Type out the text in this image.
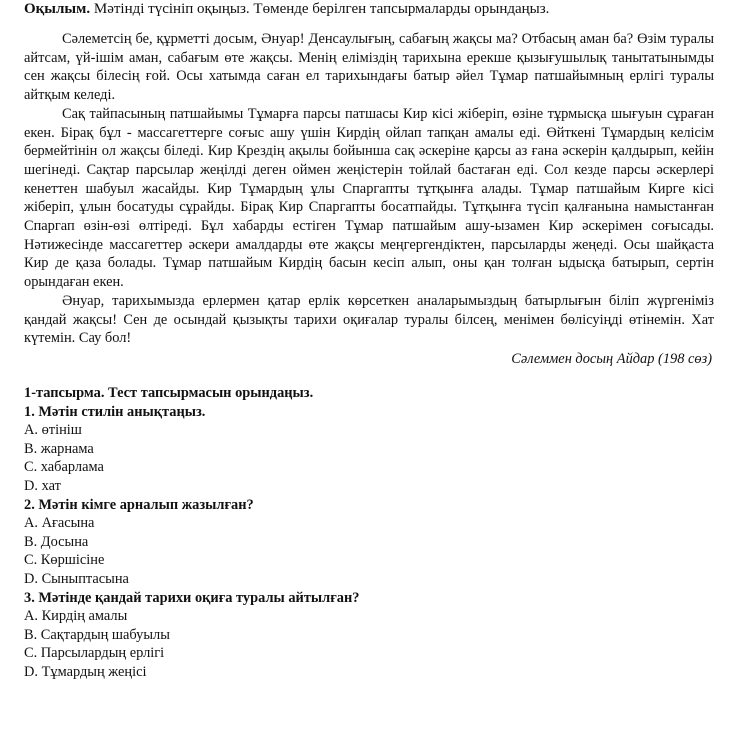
Оқылым. Мәтінді түсініп оқыңыз. Төменде берілген тапсырмаларды орындаңыз.

Сәлеметсің бе, құрметті досым, Әнуар! Денсаулығың, сабағың жақсы ма? Отбасың аман ба? Өзім туралы айтсам, үй-ішім аман, сабағым өте жақсы. Менің еліміздің тарихына ерекше қызығушылық танытатынымды сен жақсы білесің ғой. Осы хатымда саған ел тарихындағы батыр әйел Тұмар патшайымның ерлігі туралы айтқым келеді.

Сақ тайпасының патшайымы Тұмарға парсы патшасы Кир кісі жіберіп, өзіне тұрмысқа шығуын сұраған екен. Бірақ бұл - массагеттерге соғыс ашу үшін Кирдің ойлап тапқан амалы еді. Өйткені Тұмардың келісім бермейтінін ол жақсы біледі. Кир Крездің ақылы бойынша сақ әскеріне қарсы аз ғана әскерін қалдырып, кейін шегінеді. Сақтар парсылар жеңілді деген оймен жеңістерін тойлай бастаған еді. Сол кезде парсы әскерлері кенеттен шабуыл жасайды. Кир Тұмардың ұлы Спаргапты тұтқынға алады. Тұмар патшайым Кирге кісі жіберіп, ұлын босатуды сұрайды. Бірақ Кир Спаргапты босатпайды. Тұтқынға түсіп қалғанына намыстанған Спаргап өзін-өзі өлтіреді. Бұл хабарды естіген Тұмар патшайым ашу-ызамен Кир әскерімен соғысады. Нәтижесінде массагеттер әскери амалдарды өте жақсы меңгергендіктен, парсыларды жеңеді. Осы шайқаста Кир де қаза болады. Тұмар патшайым Кирдің басын кесіп алып, оны қан толған ыдысқа батырып, сертін орындаған екен.

Әнуар, тарихымызда ерлермен қатар ерлік көрсеткен аналарымыздың батырлығын біліп жүргеніміз қандай жақсы! Сен де осындай қызықты тарихи оқиғалар туралы білсең, менімен бөлісуіңді өтінемін. Хат күтемін. Сау бол!

Сәлеммен досың Айдар (198 сөз)
1-тапсырма. Тест тапсырмасын орындаңыз.
1. Мәтін стилін анықтаңыз.
A. өтініш
B. жарнама
C. хабарлама
D. хат
2. Мәтін кімге арналып жазылған?
A. Ағасына
B. Досына
C. Көршісіне
D. Сыныптасына
3. Мәтінде қандай тарихи оқиға туралы айтылған?
A. Кирдің амалы
B. Сақтардың шабуылы
C. Парсылардың ерлігі
D. Тұмардың жеңісі
